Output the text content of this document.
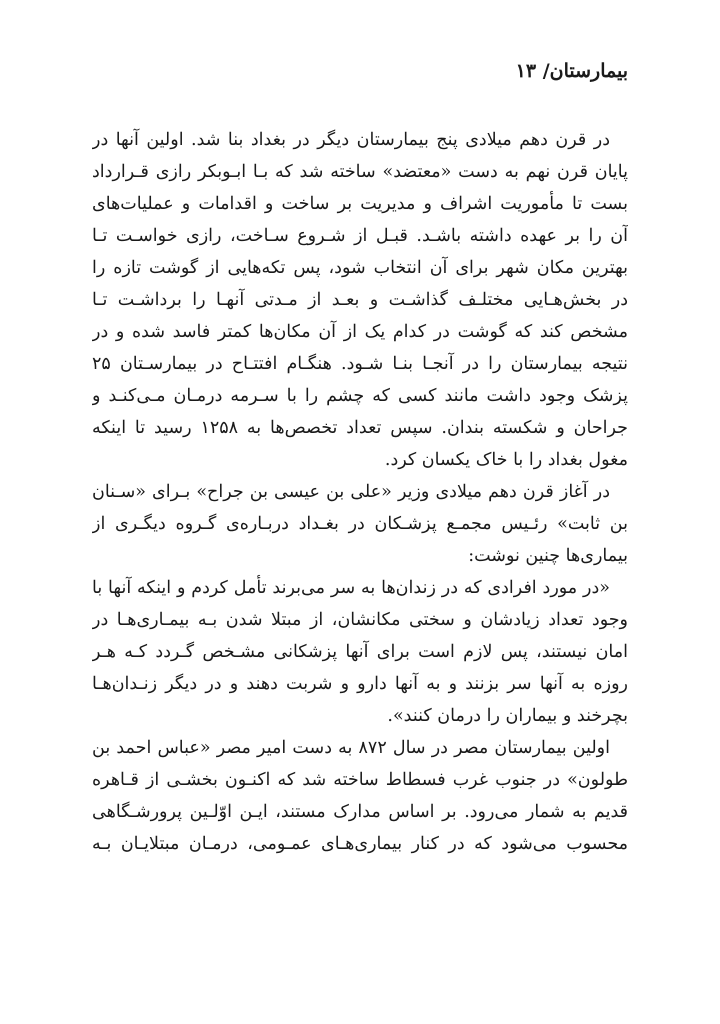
بیمارستان/ ۱۳
در قرن دهم میلادی پنج بیمارستان دیگر در بغداد بنا شد. اولین آنها در
پایان قرن نهم به دست «معتضد» ساخته شد که بـا ابـوبکر رازی قـرارداد
بست تا مأموریت اشراف و مدیریت بر ساخت و اقدامات و عملیات‌های
آن را بر عهده داشته باشـد. قبـل از شـروع سـاخت، رازی خواسـت تـا
بهترین مکان شهر برای آن انتخاب شود، پس تکه‌هایی از گوشت تازه را
در بخش‌هـایی مختلـف گذاشـت و بعـد از مـدتی آنهـا را برداشـت تـا
مشخص کند که گوشت در کدام یک از آن مکان‌ها کمتر فاسد شده و در
نتیجه بیمارستان را در آنجـا بنـا شـود. هنگـام افتتـاح در بیمارسـتان ۲۵
پزشک وجود داشت مانند کسی که چشم را با سـرمه درمـان مـی‌کنـد و
جراحان و شکسته بندان. سپس تعداد تخصص‌ها به ۱۲۵۸ رسید تا اینکه
مغول بغداد را با خاک یکسان کرد.
در آغاز قرن دهم میلادی وزیر «علی بن عیسی بن جراح» بـرای «سـنان
بن ثابت» رئـیس مجمـع پزشـکان در بغـداد دربـاره‌ی گـروه دیگـری از
بیماری‌ها چنین نوشت:
«در مورد افرادی که در زندان‌ها به سر می‌برند تأمل کردم و اینکه آنها با
وجود تعداد زیادشان و سختی مکانشان، از مبتلا شدن بـه بیمـاری‌هـا در
امان نیستند، پس لازم است برای آنها پزشکانی مشـخص گـردد کـه هـر
روزه به آنها سر بزنند و به آنها دارو و شربت دهند و در دیگر زنـدان‌هـا
بچرخند و بیماران را درمان کنند».
اولین بیمارستان مصر در سال ۸۷۲ به دست امیر مصر «عباس احمد بن
طولون» در جنوب غرب فسطاط ساخته شد که اکنـون بخشـی از قـاهره
قدیم به شمار می‌رود. بر اساس مدارک مستند، ایـن اوّلـین پرورشـگاهی
محسوب می‌شود که در کنار بیماری‌هـای عمـومی، درمـان مبتلایـان بـه
